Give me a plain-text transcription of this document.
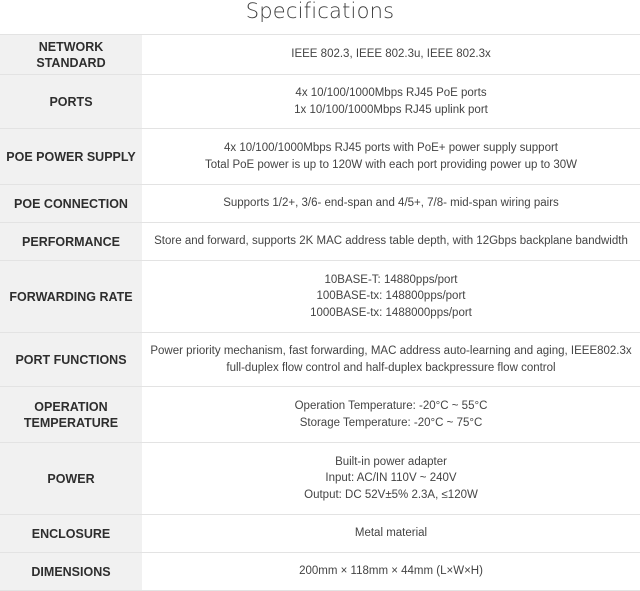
Specifications
NETWORK
STANDARD	IEEE 802.3, IEEE 802.3u, IEEE 802.3x

PORTS	4x 10/100/1000Mbps RJ45 PoE ports
1x 10/100/1000Mbps RJ45 uplink port

POE POWER SUPPLY	4x 10/100/1000Mbps RJ45 ports with PoE+ power supply support
Total PoE power is up to 120W with each port providing power up to 30W

POE CONNECTION	Supports 1/2+, 3/6- end-span and 4/5+, 7/8- mid-span wiring pairs

PERFORMANCE	Store and forward, supports 2K MAC address table depth, with 12Gbps backplane bandwidth

FORWARDING RATE	10BASE-T: 14880pps/port
100BASE-tx: 148800pps/port
1000BASE-tx: 1488000pps/port

PORT FUNCTIONS	Power priority mechanism, fast forwarding, MAC address auto-learning and aging, IEEE802.3x
full-duplex flow control and half-duplex backpressure flow control

OPERATION
TEMPERATURE	Operation Temperature: -20°C ~ 55°C
Storage Temperature: -20°C ~ 75°C

POWER	Built-in power adapter
Input: AC/IN 110V ~ 240V
Output: DC 52V±5% 2.3A, ≤120W

ENCLOSURE	Metal material

DIMENSIONS	200mm × 118mm × 44mm (L×W×H)
